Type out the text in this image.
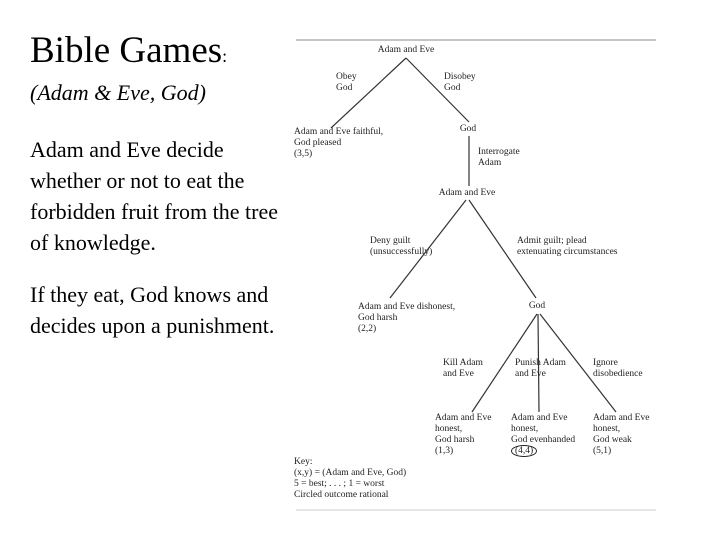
Bible Games:
(Adam & Eve, God)
Adam and Eve decide whether or not to eat the forbidden fruit from the tree of knowledge.
If they eat, God knows and decides upon a punishment.
Adam and Eve
Obey
God
Disobey
God
Adam and Eve faithful,
God pleased
(3,5)
God
Interrogate
Adam
Adam and Eve
Deny guilt
(unsuccessfully)
Admit guilt; plead
extenuating circumstances
Adam and Eve dishonest,
God harsh
(2,2)
God
Kill Adam
and Eve
Punish Adam
and Eve
Ignore
disobedience
Adam and Eve
honest,
God harsh
(1,3)
Adam and Eve
honest,
God evenhanded
(4,4)
Adam and Eve
honest,
God weak
(5,1)
Key:
(x,y) = (Adam and Eve, God)
5 = best; . . . ; 1 = worst
Circled outcome rational
